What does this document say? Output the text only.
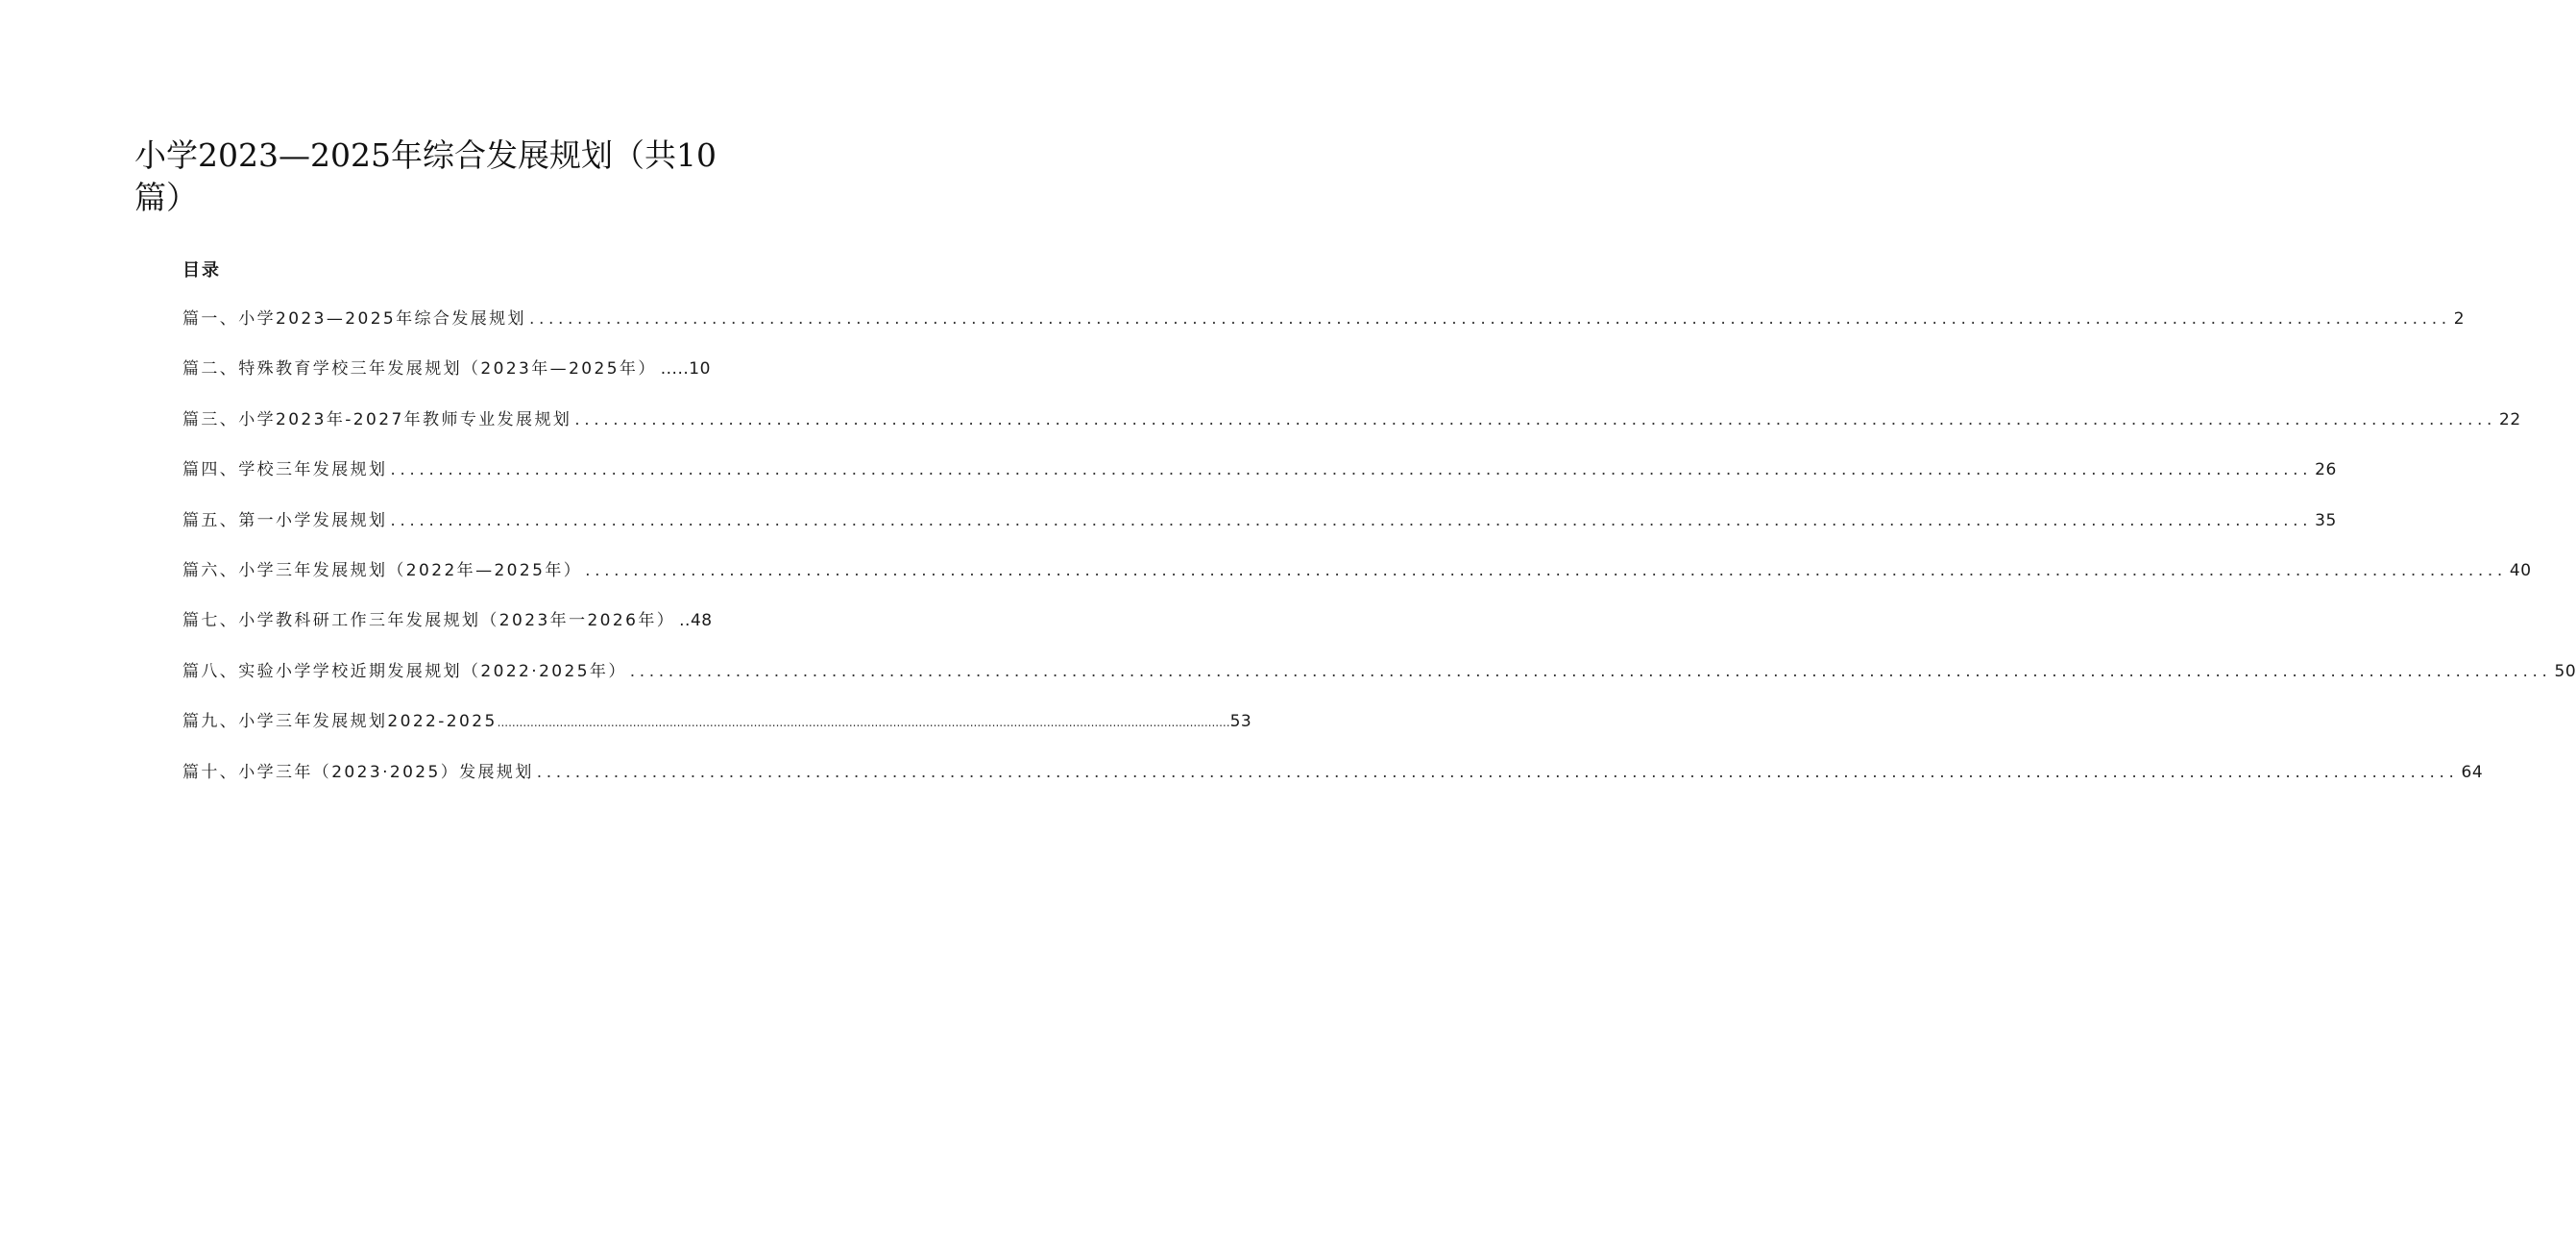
小学2023—2025年综合发展规划（共10篇）
目录
篇一、小学2023—2025年综合发展规划 ........................................................................................................................................................................................................ 2
篇二、特殊教育学校三年发展规划（2023年—2025年） .....10
篇三、小学2023年-2027年教师专业发展规划 ........................................................................................................................................................................................................ 22
篇四、学校三年发展规划 ........................................................................................................................................................................................................ 26
篇五、第一小学发展规划 ........................................................................................................................................................................................................ 35
篇六、小学三年发展规划（2022年—2025年） ........................................................................................................................................................................................................ 40
篇七、小学教科研工作三年发展规划（2023年一2026年） ..48
篇八、实验小学学校近期发展规划（2022·2025年） ........................................................................................................................................................................................................ 50
篇九、小学三年发展规划2022-2025 ........................................................................................................................................................................................................ 53
篇十、小学三年（2023·2025）发展规划 ........................................................................................................................................................................................................ 64
